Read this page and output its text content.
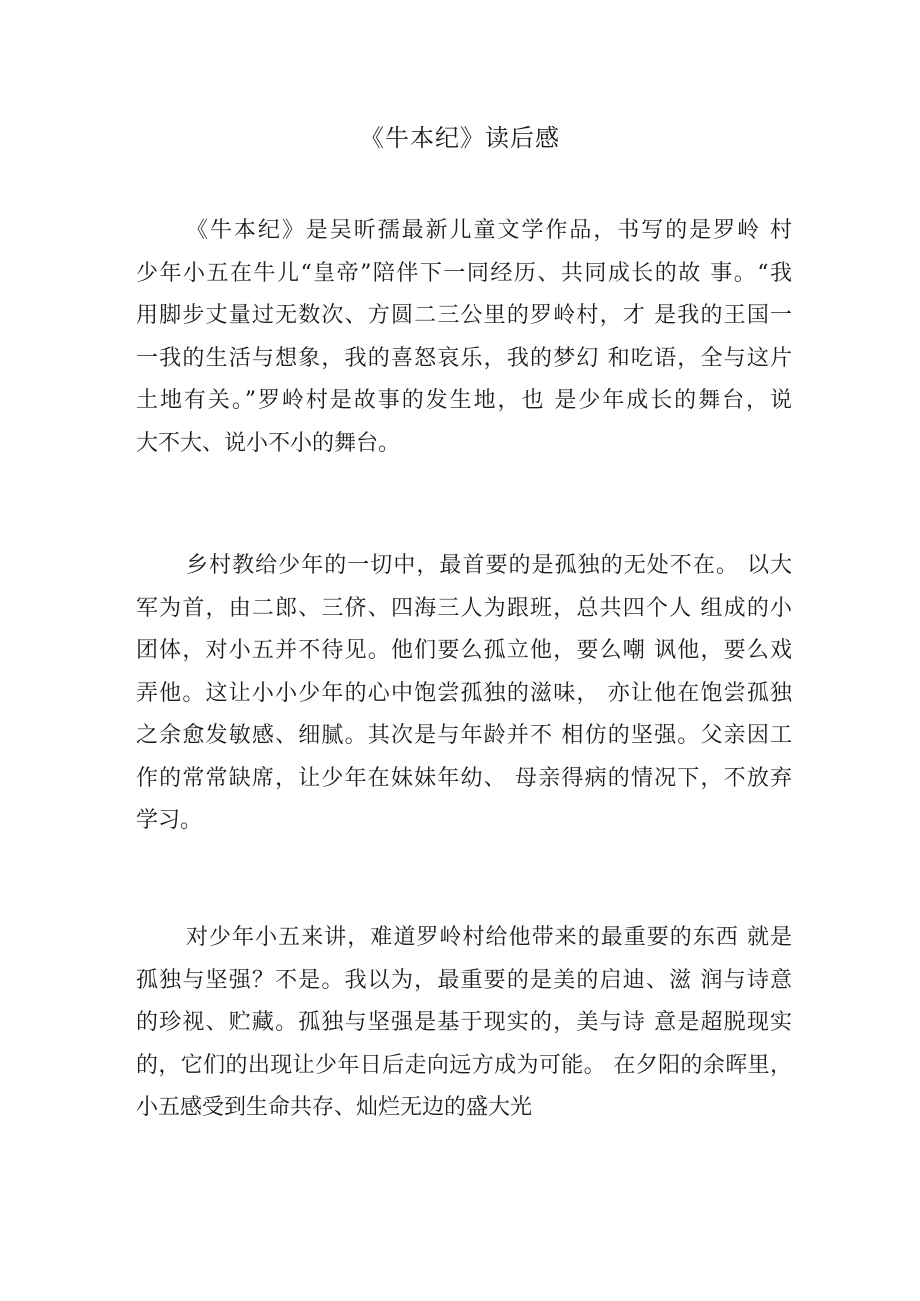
《牛本纪》读后感

《牛本纪》是吴昕孺最新儿童文学作品，书写的是罗岭 村
少年小五在牛儿“皇帝”陪伴下一同经历、共同成长的故 事。“我
用脚步丈量过无数次、方圆二三公里的罗岭村，才 是我的王国一
一我的生活与想象，我的喜怒哀乐，我的梦幻 和吃语，全与这片
土地有关。”罗岭村是故事的发生地，也 是少年成长的舞台，说
大不大、说小不小的舞台。

乡村教给少年的一切中，最首要的是孤独的无处不在。 以大
军为首，由二郎、三侪、四海三人为跟班，总共四个人 组成的小
团体，对小五并不待见。他们要么孤立他，要么嘲 讽他，要么戏
弄他。这让小小少年的心中饱尝孤独的滋味， 亦让他在饱尝孤独
之余愈发敏感、细腻。其次是与年龄并不 相仿的坚强。父亲因工
作的常常缺席，让少年在妹妹年幼、 母亲得病的情况下，不放弃
学习。

对少年小五来讲，难道罗岭村给他带来的最重要的东西 就是
孤独与坚强？不是。我以为，最重要的是美的启迪、滋 润与诗意
的珍视、贮藏。孤独与坚强是基于现实的，美与诗 意是超脱现实
的，它们的出现让少年日后走向远方成为可能。 在夕阳的余晖里，
小五感受到生命共存、灿烂无边的盛大光
